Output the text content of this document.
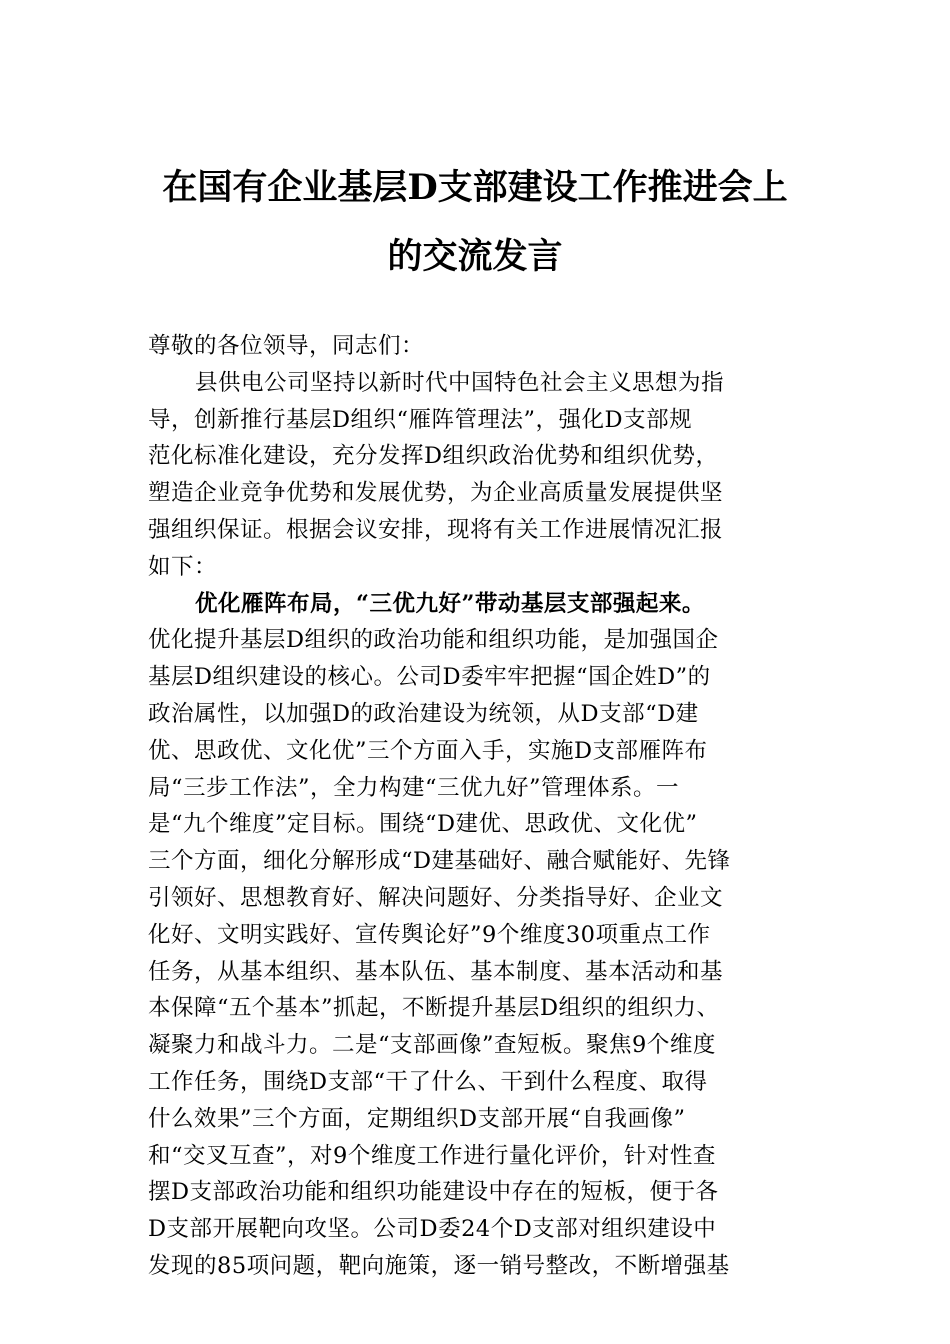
在国有企业基层D支部建设工作推进会上
的交流发言
尊敬的各位领导，同志们：
县供电公司坚持以新时代中国特色社会主义思想为指
导，创新推行基层D组织“雁阵管理法”，强化D支部规
范化标准化建设，充分发挥D组织政治优势和组织优势，
塑造企业竞争优势和发展优势，为企业高质量发展提供坚
强组织保证。根据会议安排，现将有关工作进展情况汇报
如下：
优化雁阵布局，“三优九好”带动基层支部强起来。
优化提升基层D组织的政治功能和组织功能，是加强国企
基层D组织建设的核心。公司D委牢牢把握“国企姓D”的
政治属性，以加强D的政治建设为统领，从D支部“D建
优、思政优、文化优”三个方面入手，实施D支部雁阵布
局“三步工作法”，全力构建“三优九好”管理体系。一
是“九个维度”定目标。围绕“D建优、思政优、文化优”
三个方面，细化分解形成“D建基础好、融合赋能好、先锋
引领好、思想教育好、解决问题好、分类指导好、企业文
化好、文明实践好、宣传舆论好”9个维度30项重点工作
任务，从基本组织、基本队伍、基本制度、基本活动和基
本保障“五个基本”抓起，不断提升基层D组织的组织力、
凝聚力和战斗力。二是“支部画像”查短板。聚焦9个维度
工作任务，围绕D支部“干了什么、干到什么程度、取得
什么效果”三个方面，定期组织D支部开展“自我画像”
和“交叉互查”，对9个维度工作进行量化评价，针对性查
摆D支部政治功能和组织功能建设中存在的短板，便于各
D支部开展靶向攻坚。公司D委24个D支部对组织建设中
发现的85项问题，靶向施策，逐一销号整改，不断增强基
